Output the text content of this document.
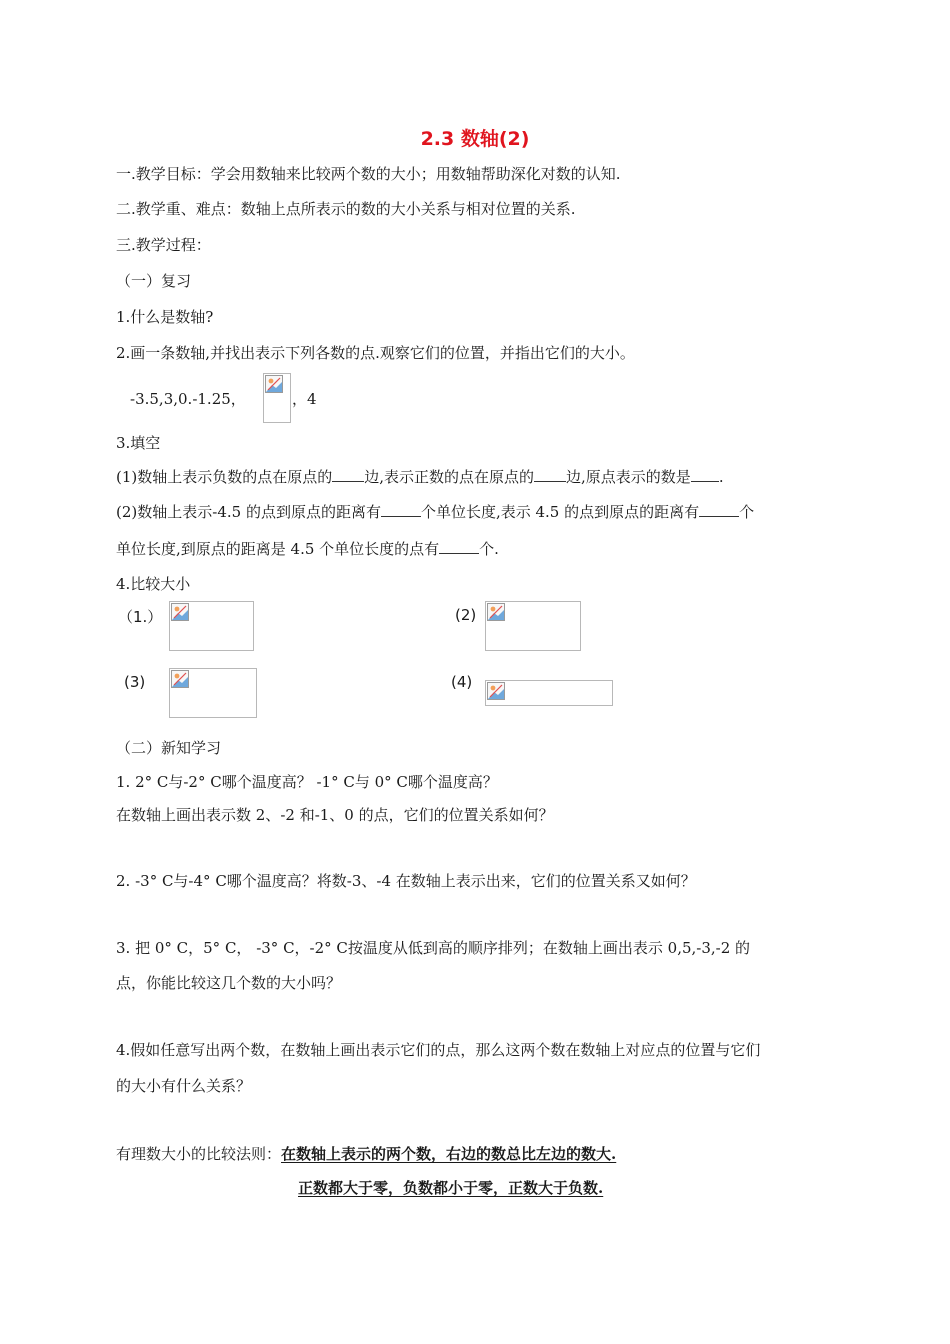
2.3 数轴(2)
一.教学目标：学会用数轴来比较两个数的大小；用数轴帮助深化对数的认知.
二.教学重、难点：数轴上点所表示的数的大小关系与相对位置的关系.
三.教学过程：
（一）复习
1.什么是数轴?
2.画一条数轴,并找出表示下列各数的点.观察它们的位置，并指出它们的大小。
-3.5,3,0.-1.25，	，4
3.填空
(1)数轴上表示负数的点在原点的 边,表示正数的点在原点的 边,原点表示的数是 .
(2)数轴上表示-4.5 的点到原点的距离有	个单位长度,表示 4.5 的点到原点的距离有	个
单位长度,到原点的距离是 4.5 个单位长度的点有	个.
4.比较大小
（1.）	(2)
(3)	(4)
（二）新知学习
1. 2° C与-2° C哪个温度高？ -1° C与 0° C哪个温度高？
在数轴上画出表示数 2、-2 和-1、0 的点，它们的位置关系如何？
2. -3° C与-4° C哪个温度高？将数-3、-4 在数轴上表示出来，它们的位置关系又如何？
3. 把 0° C，5° C， -3° C，-2° C按温度从低到高的顺序排列；在数轴上画出表示 0,5,-3,-2 的
点，你能比较这几个数的大小吗？
4.假如任意写出两个数，在数轴上画出表示它们的点，那么这两个数在数轴上对应点的位置与它们
的大小有什么关系？
有理数大小的比较法则：在数轴上表示的两个数，右边的数总比左边的数大.
正数都大于零，负数都小于零，正数大于负数.
